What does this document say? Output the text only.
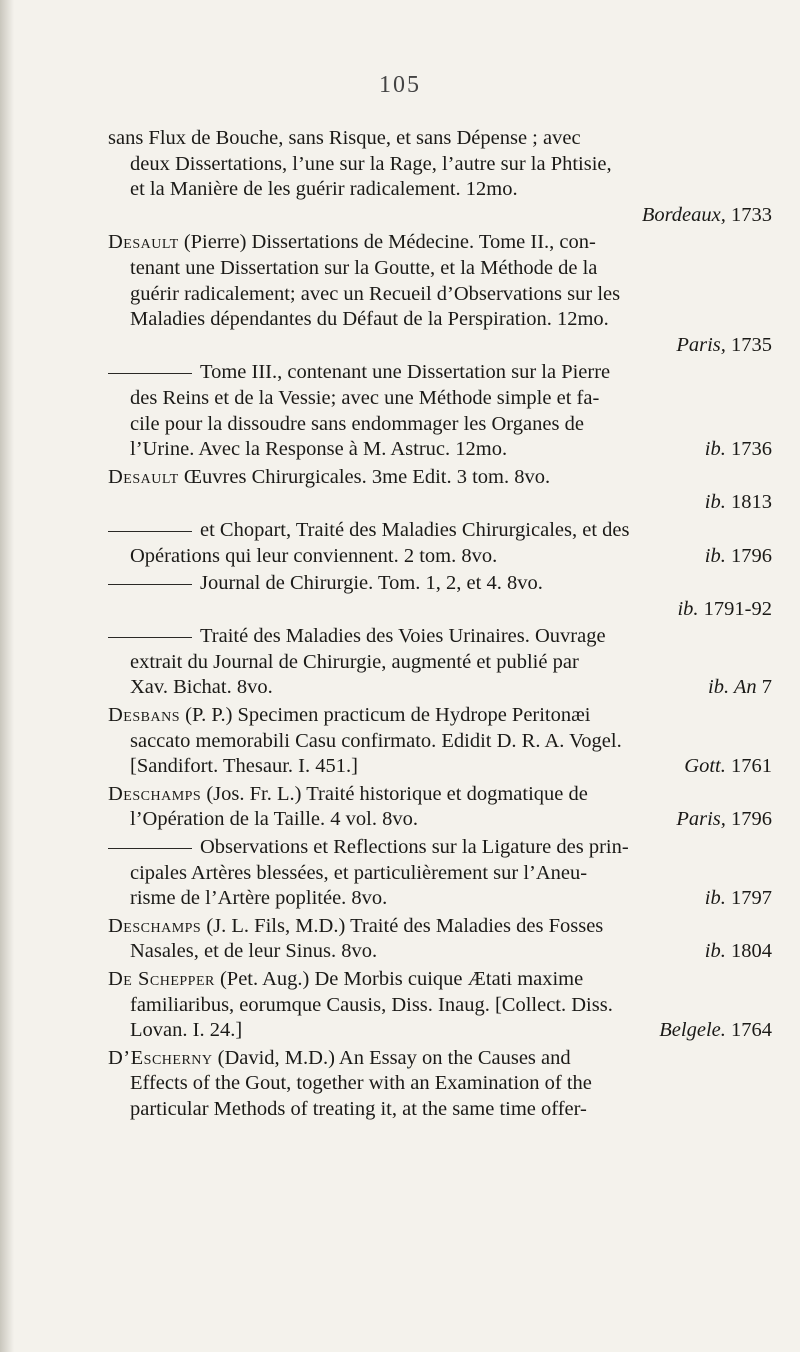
105
sans Flux de Bouche, sans Risque, et sans Dépense ; avec
deux Dissertations, l’une sur la Rage, l’autre sur la Phtisie,
et la Manière de les guérir radicalement. 12mo.
Bordeaux, 1733
Desault (Pierre) Dissertations de Médecine. Tome II., con-
tenant une Dissertation sur la Goutte, et la Méthode de la
guérir radicalement; avec un Recueil d’Observations sur les
Maladies dépendantes du Défaut de la Perspiration. 12mo.
Paris, 1735
Tome III., contenant une Dissertation sur la Pierre
des Reins et de la Vessie; avec une Méthode simple et fa-
cile pour la dissoudre sans endommager les Organes de
l’Urine. Avec la Response à M. Astruc. 12mo.	ib. 1736
Desault Œuvres Chirurgicales. 3me Edit. 3 tom. 8vo.
ib. 1813
et Chopart, Traité des Maladies Chirurgicales, et des
Opérations qui leur conviennent. 2 tom. 8vo.	ib. 1796
Journal de Chirurgie. Tom. 1, 2, et 4. 8vo.
ib. 1791-92
Traité des Maladies des Voies Urinaires. Ouvrage
extrait du Journal de Chirurgie, augmenté et publié par
Xav. Bichat. 8vo.	ib. An 7
Desbans (P. P.) Specimen practicum de Hydrope Peritonæi
saccato memorabili Casu confirmato. Edidit D. R. A. Vogel.
[Sandifort. Thesaur. I. 451.]	Gott. 1761
Deschamps (Jos. Fr. L.) Traité historique et dogmatique de
l’Opération de la Taille. 4 vol. 8vo.	Paris, 1796
Observations et Reflections sur la Ligature des prin-
cipales Artères blessées, et particulièrement sur l’Aneu-
risme de l’Artère poplitée. 8vo.	ib. 1797
Deschamps (J. L. Fils, M.D.) Traité des Maladies des Fosses
Nasales, et de leur Sinus. 8vo.	ib. 1804
De Schepper (Pet. Aug.) De Morbis cuique Ætati maxime
familiaribus, eorumque Causis, Diss. Inaug. [Collect. Diss.
Lovan. I. 24.]	Belgele. 1764
D’Escherny (David, M.D.) An Essay on the Causes and
Effects of the Gout, together with an Examination of the
particular Methods of treating it, at the same time offer-
